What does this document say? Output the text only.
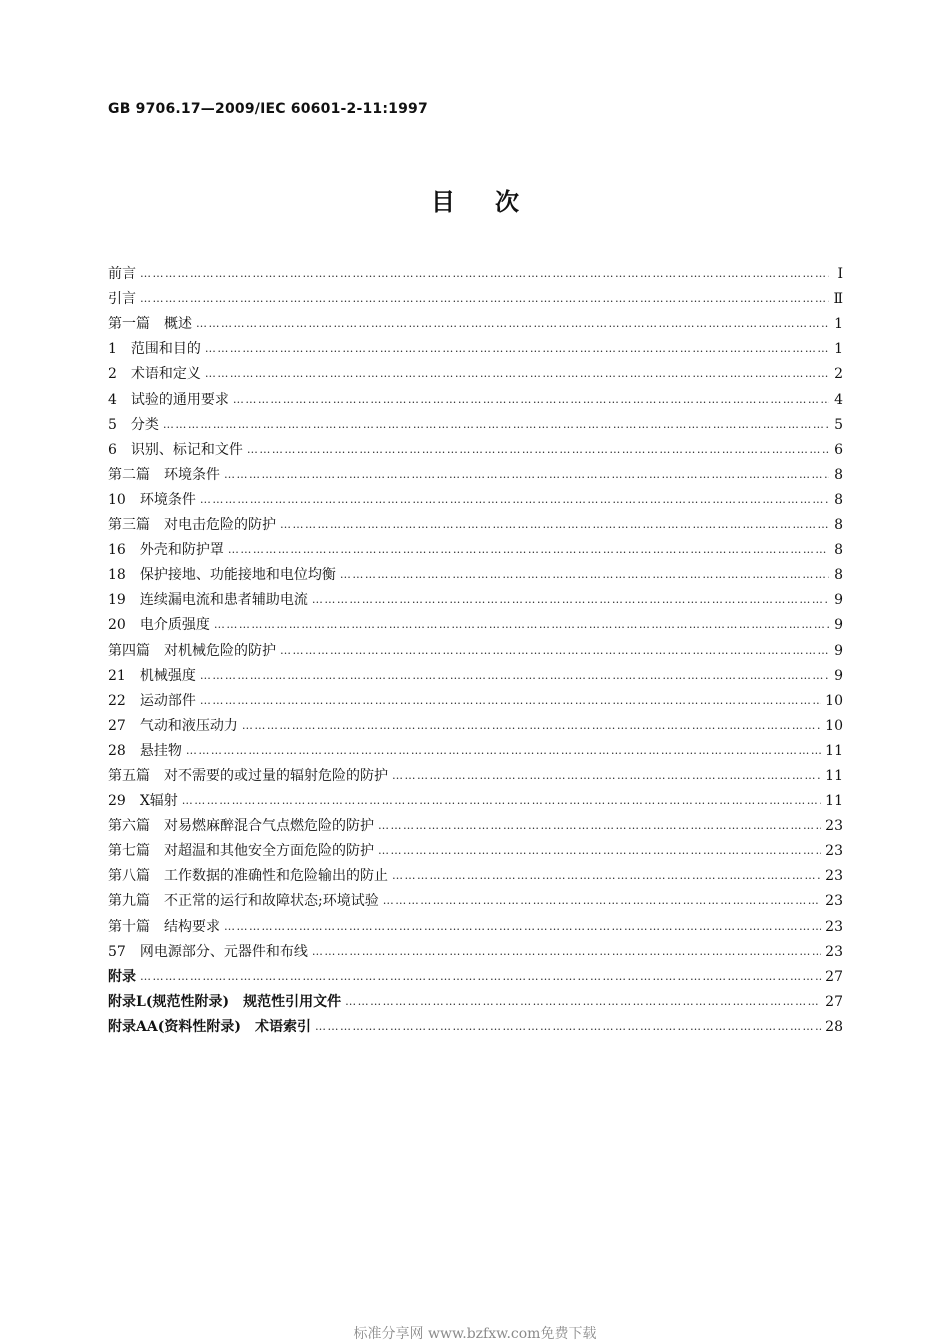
GB 9706.17—2009/IEC 60601-2-11:1997
目次
前言 ………………………………………………………………………………………………………………………………………………………………………………………………………………………	Ⅰ
引言 ………………………………………………………………………………………………………………………………………………………………………………………………………………………	Ⅱ
第一篇　概述 ………………………………………………………………………………………………………………………………………………………………………………………………………………………	1
1　范围和目的 ………………………………………………………………………………………………………………………………………………………………………………………………………………………	1
2　术语和定义 ………………………………………………………………………………………………………………………………………………………………………………………………………………………	2
4　试验的通用要求 ………………………………………………………………………………………………………………………………………………………………………………………………………………………	4
5　分类 ………………………………………………………………………………………………………………………………………………………………………………………………………………………	5
6　识别、标记和文件 ………………………………………………………………………………………………………………………………………………………………………………………………………………………	6
第二篇　环境条件 ………………………………………………………………………………………………………………………………………………………………………………………………………………………	8
10　环境条件 ………………………………………………………………………………………………………………………………………………………………………………………………………………………	8
第三篇　对电击危险的防护 ………………………………………………………………………………………………………………………………………………………………………………………………………………………	8
16　外壳和防护罩 ………………………………………………………………………………………………………………………………………………………………………………………………………………………	8
18　保护接地、功能接地和电位均衡 ………………………………………………………………………………………………………………………………………………………………………………………………………………………	8
19　连续漏电流和患者辅助电流 ………………………………………………………………………………………………………………………………………………………………………………………………………………………	9
20　电介质强度 ………………………………………………………………………………………………………………………………………………………………………………………………………………………	9
第四篇　对机械危险的防护 ………………………………………………………………………………………………………………………………………………………………………………………………………………………	9
21　机械强度 ………………………………………………………………………………………………………………………………………………………………………………………………………………………	9
22　运动部件 ………………………………………………………………………………………………………………………………………………………………………………………………………………………	10
27　气动和液压动力 ………………………………………………………………………………………………………………………………………………………………………………………………………………………	10
28　悬挂物 ………………………………………………………………………………………………………………………………………………………………………………………………………………………	11
第五篇　对不需要的或过量的辐射危险的防护 ………………………………………………………………………………………………………………………………………………………………………………………………………………………	11
29　X辐射 ………………………………………………………………………………………………………………………………………………………………………………………………………………………	11
第六篇　对易燃麻醉混合气点燃危险的防护 ………………………………………………………………………………………………………………………………………………………………………………………………………………………	23
第七篇　对超温和其他安全方面危险的防护 ………………………………………………………………………………………………………………………………………………………………………………………………………………………	23
第八篇　工作数据的准确性和危险输出的防止 ………………………………………………………………………………………………………………………………………………………………………………………………………………………	23
第九篇　不正常的运行和故障状态;环境试验 ………………………………………………………………………………………………………………………………………………………………………………………………………………………	23
第十篇　结构要求 ………………………………………………………………………………………………………………………………………………………………………………………………………………………	23
57　网电源部分、元器件和布线 ………………………………………………………………………………………………………………………………………………………………………………………………………………………	23
附录 ………………………………………………………………………………………………………………………………………………………………………………………………………………………	27
附录L(规范性附录)　规范性引用文件 ………………………………………………………………………………………………………………………………………………………………………………………………………………………	27
附录AA(资料性附录)　术语索引 ………………………………………………………………………………………………………………………………………………………………………………………………………………………	28
标准分享网 www.bzfxw.com免费下载
